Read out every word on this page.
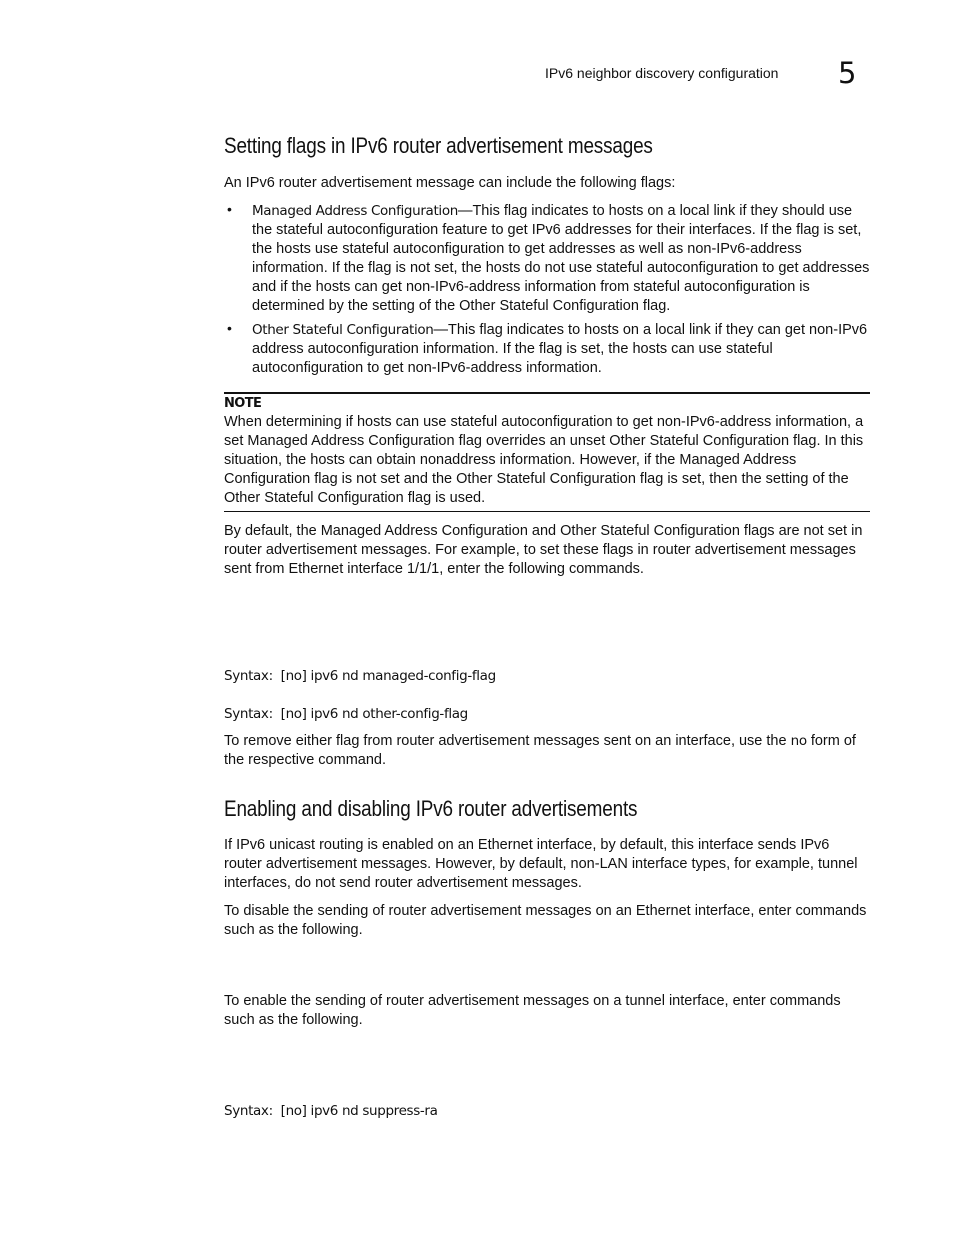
IPv6 neighbor discovery configuration 5
Setting flags in IPv6 router advertisement messages

An IPv6 router advertisement message can include the following flags:

• Managed Address Configuration—This flag indicates to hosts on a local link if they should use the stateful autoconfiguration feature to get IPv6 addresses for their interfaces. If the flag is set, the hosts use stateful autoconfiguration to get addresses as well as non-IPv6-address information. If the flag is not set, the hosts do not use stateful autoconfiguration to get addresses and if the hosts can get non-IPv6-address information from stateful autoconfiguration is determined by the setting of the Other Stateful Configuration flag.

• Other Stateful Configuration—This flag indicates to hosts on a local link if they can get non-IPv6 address autoconfiguration information. If the flag is set, the hosts can use stateful autoconfiguration to get non-IPv6-address information.

NOTE

When determining if hosts can use stateful autoconfiguration to get non-IPv6-address information, a set Managed Address Configuration flag overrides an unset Other Stateful Configuration flag. In this situation, the hosts can obtain nonaddress information. However, if the Managed Address Configuration flag is not set and the Other Stateful Configuration flag is set, then the setting of the Other Stateful Configuration flag is used.

By default, the Managed Address Configuration and Other Stateful Configuration flags are not set in router advertisement messages. For example, to set these flags in router advertisement messages sent from Ethernet interface 1/1/1, enter the following commands.

Syntax:  [no] ipv6 nd managed-config-flag
Syntax:  [no] ipv6 nd other-config-flag

To remove either flag from router advertisement messages sent on an interface, use the no form of the respective command.

Enabling and disabling IPv6 router advertisements

If IPv6 unicast routing is enabled on an Ethernet interface, by default, this interface sends IPv6 router advertisement messages. However, by default, non-LAN interface types, for example, tunnel interfaces, do not send router advertisement messages.

To disable the sending of router advertisement messages on an Ethernet interface, enter commands such as the following.

To enable the sending of router advertisement messages on a tunnel interface, enter commands such as the following.

Syntax:  [no] ipv6 nd suppress-ra
